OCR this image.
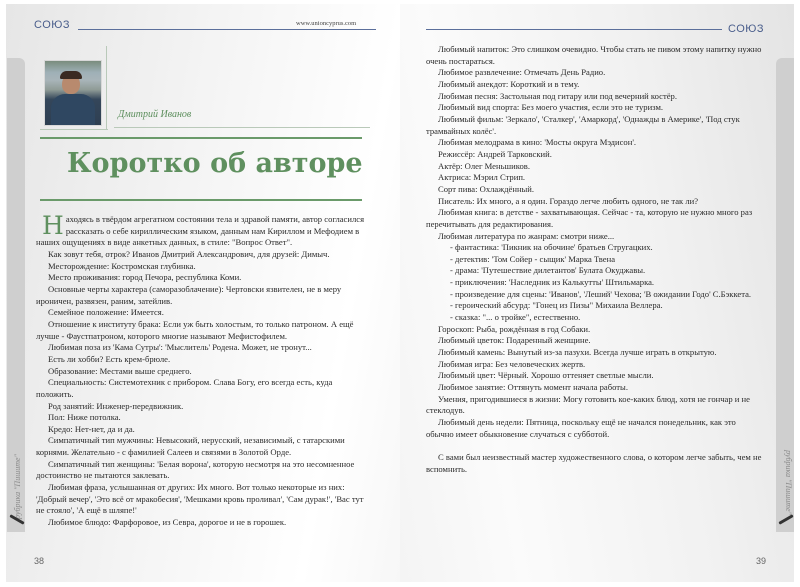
СОЮЗ	www.unioncyprus.com
рубрика "Пишите"
Дмитрий Иванов
Коротко об авторе

Находясь в твёрдом агрегатном состоянии тела и здравой памяти, автор согласился рассказать о себе кириллическим языком, данным нам Кириллом и Мефодием в наших ощущениях в виде анкетных данных, в стиле: "Вопрос Ответ".

Как зовут тебя, отрок? Иванов Дмитрий Александрович, для друзей: Димыч.

Месторождение: Костромская глубинка.

Место проживания: город Печора, республика Коми.

Основные черты характера (саморазоблачение): Чертовски язвителен, не в меру ироничен, развязен, раним, затейлив.

Семейное положение: Имеется.

Отношение к институту брака: Если уж быть холостым, то только патроном. А ещё лучше - Фаустпатроном, которого многие называют Мефистофилем.

Любимая поза из 'Кама Сутры': 'Мыслитель' Родена. Может, не тронут...

Есть ли хобби? Есть крем-брюле.

Образование: Местами выше среднего.

Специальность: Системотехник с прибором. Слава Богу, его всегда есть, куда положить.

Род занятий: Инженер-передвижник.

Пол: Ниже потолка.

Кредо: Нет-нет, да и да.

Симпатичный тип мужчины: Невысокий, нерусский, независимый, с татарскими корнями. Желательно - с фамилией Салеев и связями в Золотой Орде.

Симпатичный тип женщины: 'Белая ворона', которую несмотря на это несомненное достоинство не пытаются заклевать.

Любимая фраза, услышанная от других: Их много. Вот только некоторые из них: 'Добрый вечер', 'Это всё от мракобесия', 'Мешками кровь проливал', 'Сам дурак!', 'Вас тут не стояло', 'А ещё в шляпе!'

Любимое блюдо: Фарфоровое, из Севра, дорогое и не в горошек.

38
СОЮЗ
рубрика "Пишите"

Любимый напиток: Это слишком очевидно. Чтобы стать не пивом этому напитку нужно очень постараться.

Любимое развлечение: Отмечать День Радио.

Любимый анекдот: Короткий и в тему.

Любимая песня: Застольная под гитару или под вечерний костёр.

Любимый вид спорта: Без моего участия, если это не туризм.

Любимый фильм: 'Зеркало', 'Сталкер', 'Амаркорд', 'Однажды в Америке', 'Под стук трамвайных колёс'.

Любимая мелодрама в кино: 'Мосты округа Мэдисон'.

Режиссёр: Андрей Тарковский.

Актёр: Олег Меньшиков.

Актриса: Мэрил Стрип.

Сорт пива: Охлаждённый.

Писатель: Их много, а я один. Гораздо легче любить одного, не так ли?

Любимая книга: в детстве - захватывающая. Сейчас - та, которую не нужно много раз перечитывать для редактирования.

Любимая литература по жанрам: смотри ниже...

- фантастика: 'Пикник на обочине' братьев Стругацких.

- детектив: 'Том Сойер - сыщик' Марка Твена

- драма: 'Путешествие дилетантов' Булата Окуджавы.

- приключения: 'Наследник из Калькутты' Штильмарка.

- произведение для сцены: 'Иванов', 'Леший' Чехова; 'В ожидании Годо' С.Бэккета.

- героический абсурд: "Гонец из Пизы" Михаила Веллера.

- сказка: "... о тройке", естественно.

Гороскоп: Рыба, рождённая в год Собаки.

Любимый цветок: Подаренный женщине.

Любимый камень: Вынутый из-за пазухи. Всегда лучше играть в открытую.

Любимая игра: Без человеческих жертв.

Любимый цвет: Чёрный. Хорошо оттеняет светлые мысли.

Любимое занятие: Оттянуть момент начала работы.

Умения, пригодившиеся в жизни: Могу готовить кое-каких блюд, хотя не гончар и не стеклодув.

Любимый день недели: Пятница, поскольку ещё не начался понедельник, как это обычно имеет обыкновение случаться с субботой.

С вами был неизвестный мастер художественного слова, о котором легче забыть, чем не вспомнить.

39
